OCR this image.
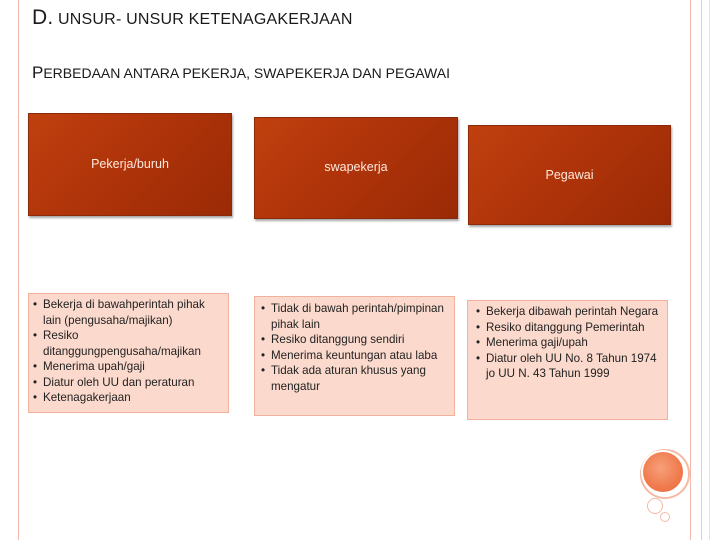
D. UNSUR- UNSUR KETENAGAKERJAAN
PERBEDAAN ANTARA PEKERJA, SWAPEKERJA DAN PEGAWAI
Pekerja/buruh	swapekerja
Pegawai
• Bekerja di bawahperintah pihak lain (pengusaha/majikan)
• Resiko ditanggungpengusaha/majikan
• Menerima upah/gaji
• Diatur oleh UU dan peraturan
• Ketenagakerjaan
• Tidak di bawah perintah/pimpinan pihak lain
• Resiko ditanggung sendiri
• Menerima keuntungan atau laba
• Tidak ada aturan khusus yang mengatur
• Bekerja dibawah perintah Negara
• Resiko ditanggung Pemerintah
• Menerima gaji/upah
• Diatur oleh UU No. 8 Tahun 1974 jo UU N. 43 Tahun 1999
